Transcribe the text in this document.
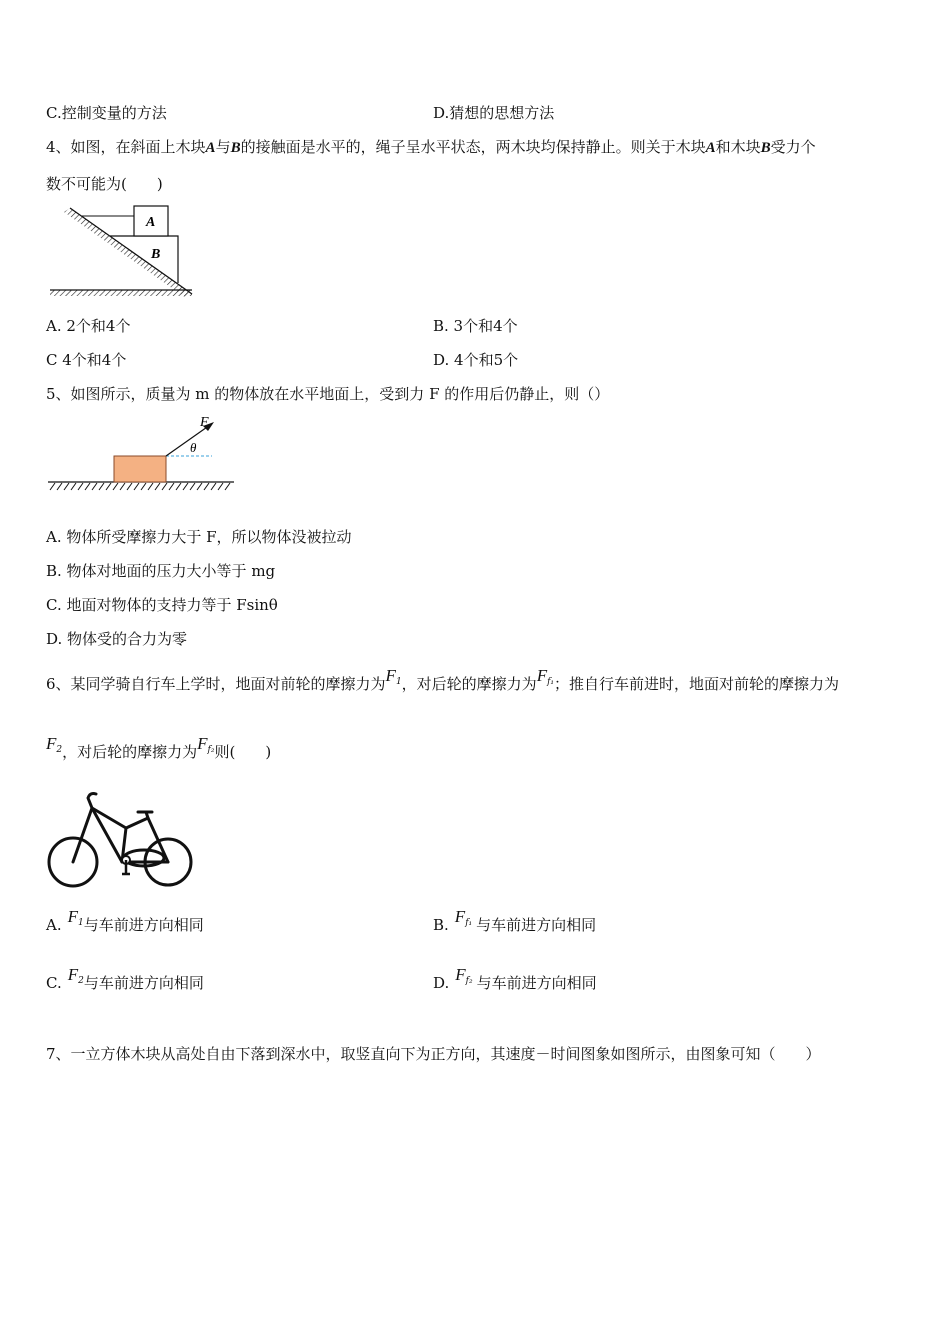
C.控制变量的方法	D.猜想的思想方法
4、如图，在斜面上木块A与B的接触面是水平的，绳子呈水平状态，两木块均保持静止。则关于木块A和木块B受力个
数不可能为(　　)
A
B
A. 2个和4个	B. 3个和4个
C 4个和4个	D. 4个和5个
5、如图所示，质量为 m 的物体放在水平地面上，受到力 F 的作用后仍静止，则（）
F
θ
A. 物体所受摩擦力大于 F，所以物体没被拉动
B. 物体对地面的压力大小等于 mg
C. 地面对物体的支持力等于 Fsinθ
D. 物体受的合力为零
6、某同学骑自行车上学时，地面对前轮的摩擦力为$F^1$，对后轮的摩擦力为$F^{f_1}$；推自行车前进时，地面对前轮的摩擦力为
$F^2$，对后轮的摩擦力为$F^{f_2}$则(　　)
A. $F^1$与车前进方向相同	B. $F^{f_1}$ 与车前进方向相同
C. $F^2$与车前进方向相同	D. $F^{f_2}$ 与车前进方向相同
7、一立方体木块从高处自由下落到深水中，取竖直向下为正方向，其速度－时间图象如图所示，由图象可知（　　）
